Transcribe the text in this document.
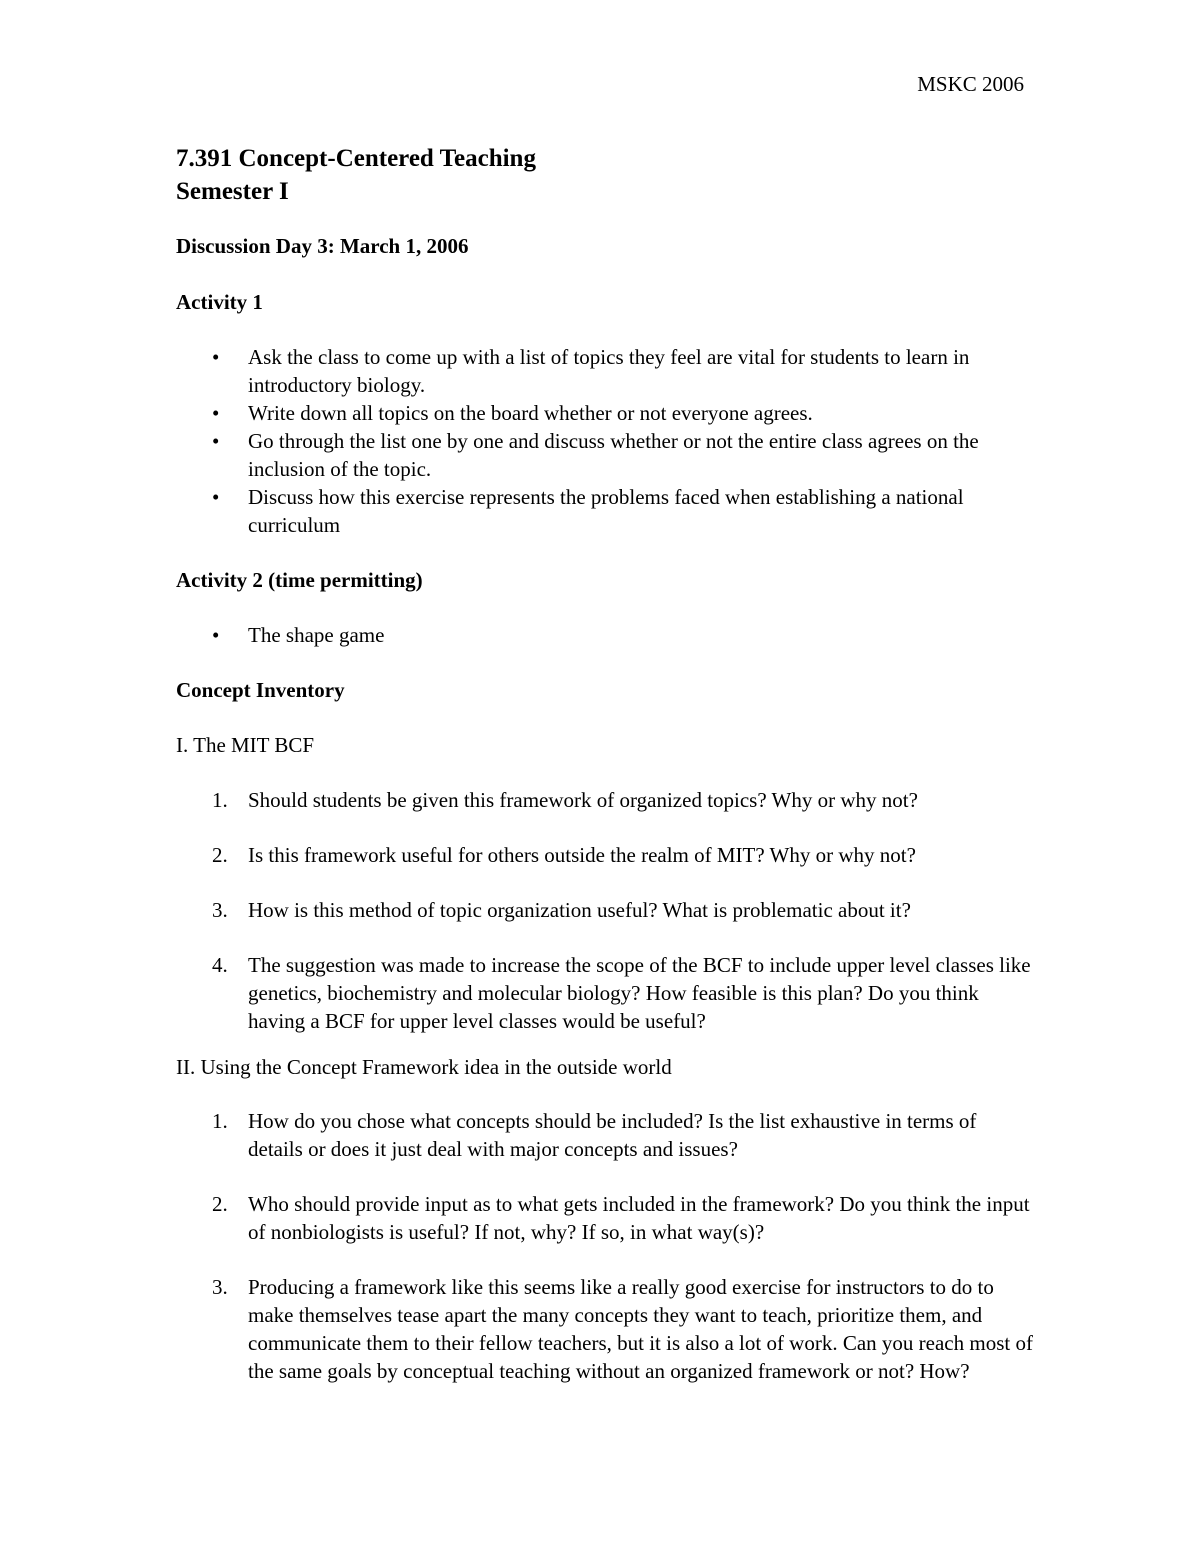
MSKC 2006
7.391 Concept-Centered Teaching
Semester I
Discussion Day 3: March 1, 2006
Activity 1
• Ask the class to come up with a list of topics they feel are vital for students to learn in introductory biology.
• Write down all topics on the board whether or not everyone agrees.
• Go through the list one by one and discuss whether or not the entire class agrees on the inclusion of the topic.
• Discuss how this exercise represents the problems faced when establishing a national curriculum
Activity 2 (time permitting)
• The shape game
Concept Inventory
I. The MIT BCF
1. Should students be given this framework of organized topics? Why or why not?
2. Is this framework useful for others outside the realm of MIT? Why or why not?
3. How is this method of topic organization useful? What is problematic about it?
4. The suggestion was made to increase the scope of the BCF to include upper level classes like genetics, biochemistry and molecular biology? How feasible is this plan? Do you think having a BCF for upper level classes would be useful?
II. Using the Concept Framework idea in the outside world
1. How do you chose what concepts should be included? Is the list exhaustive in terms of details or does it just deal with major concepts and issues?
2. Who should provide input as to what gets included in the framework? Do you think the input of nonbiologists is useful? If not, why? If so, in what way(s)?
3. Producing a framework like this seems like a really good exercise for instructors to do to make themselves tease apart the many concepts they want to teach, prioritize them, and communicate them to their fellow teachers, but it is also a lot of work. Can you reach most of the same goals by conceptual teaching without an organized framework or not? How?
